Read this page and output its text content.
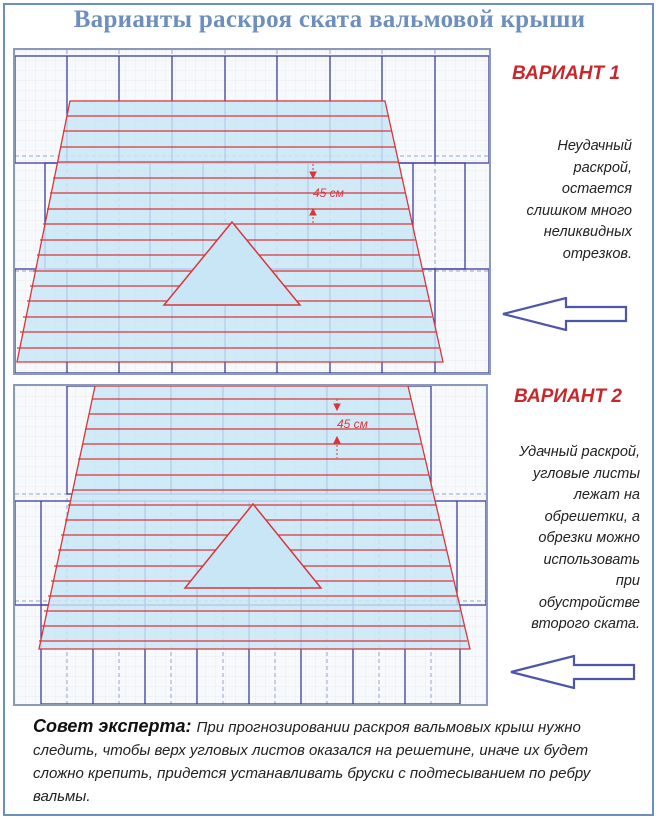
Варианты раскроя ската вальмовой крыши
45 см
45 см
ВАРИАНТ 1
Неудачный
раскрой,
остается
слишком много
неликвидных
отрезков.
ВАРИАНТ 2
Удачный раскрой,
угловые листы
лежат на
обрешетки, а
обрезки можно
использовать
при
обустройстве
второго ската.
Совет эксперта: При прогнозировании раскроя вальмовых крыш нужно следить, чтобы верх угловых листов оказался на решетине, иначе их будет сложно крепить, придется устанавливать бруски с подтесыванием по ребру вальмы.
